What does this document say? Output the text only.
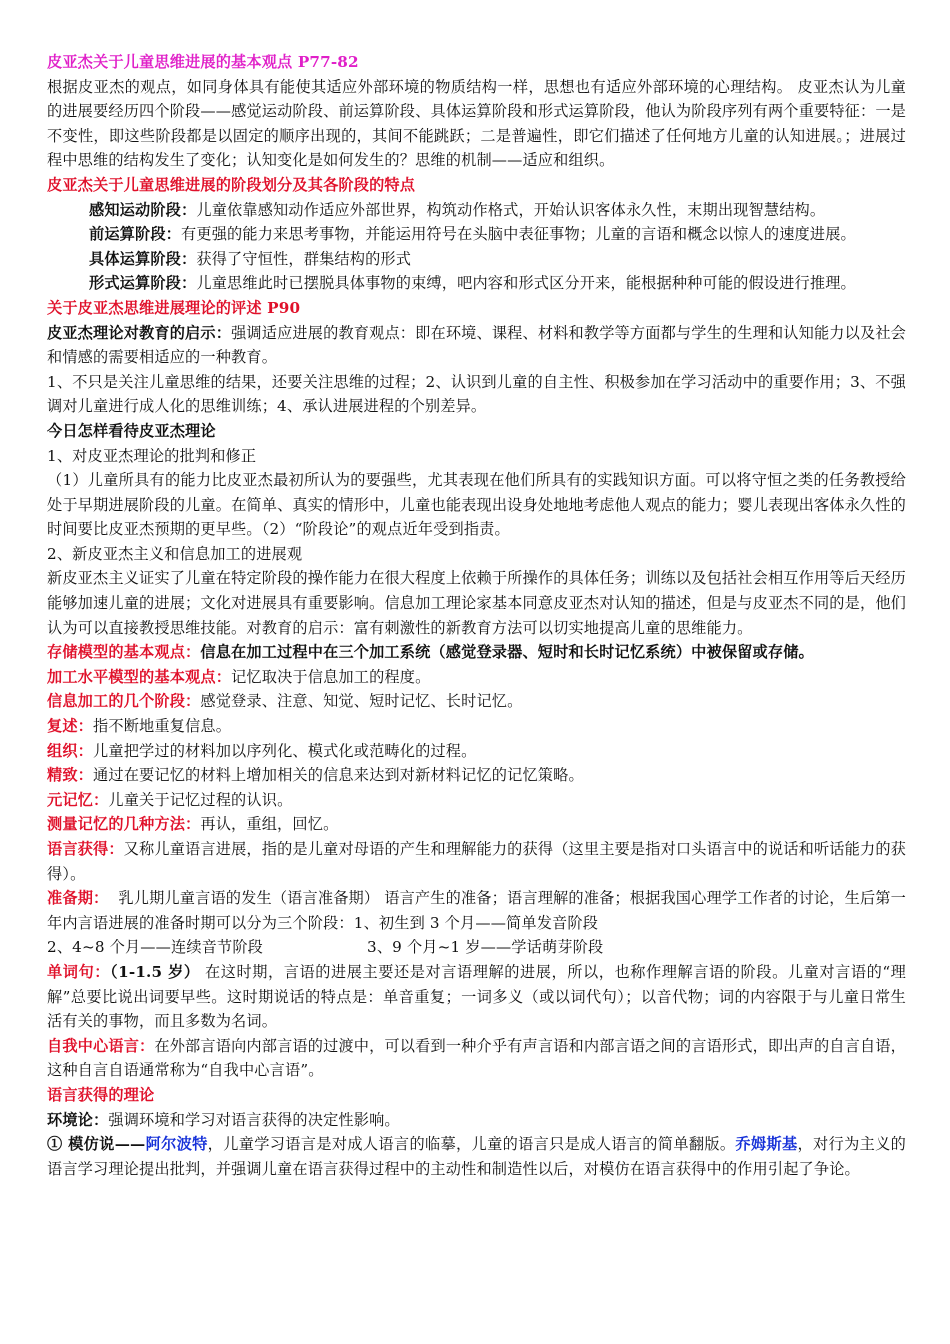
皮亚杰关于儿童思维进展的基本观点 P77-82

根据皮亚杰的观点，如同身体具有能使其适应外部环境的物质结构一样，思想也有适应外部环境的心理结构。 皮亚杰认为儿童的进展要经历四个阶段——感觉运动阶段、前运算阶段、具体运算阶段和形式运算阶段，他认为阶段序列有两个重要特征：一是不变性，即这些阶段都是以固定的顺序出现的，其间不能跳跃；二是普遍性，即它们描述了任何地方儿童的认知进展。；进展过程中思维的结构发生了变化；认知变化是如何发生的？思维的机制——适应和组织。

皮亚杰关于儿童思维进展的阶段划分及其各阶段的特点

感知运动阶段：儿童依靠感知动作适应外部世界，构筑动作格式，开始认识客体永久性，末期出现智慧结构。

前运算阶段：有更强的能力来思考事物，并能运用符号在头脑中表征事物；儿童的言语和概念以惊人的速度进展。

具体运算阶段：获得了守恒性，群集结构的形式

形式运算阶段：儿童思维此时已摆脱具体事物的束缚，吧内容和形式区分开来，能根据种种可能的假设进行推理。

关于皮亚杰思维进展理论的评述 P90

皮亚杰理论对教育的启示：强调适应进展的教育观点：即在环境、课程、材料和教学等方面都与学生的生理和认知能力以及社会和情感的需要相适应的一种教育。

1、不只是关注儿童思维的结果，还要关注思维的过程；2、认识到儿童的自主性、积极参加在学习活动中的重要作用；3、不强调对儿童进行成人化的思维训练；4、承认进展进程的个别差异。

今日怎样看待皮亚杰理论

1、对皮亚杰理论的批判和修正

（1）儿童所具有的能力比皮亚杰最初所认为的要强些，尤其表现在他们所具有的实践知识方面。可以将守恒之类的任务教授给处于早期进展阶段的儿童。在简单、真实的情形中，儿童也能表现出设身处地地考虑他人观点的能力；婴儿表现出客体永久性的时间要比皮亚杰预期的更早些。（2）“阶段论”的观点近年受到指责。

2、新皮亚杰主义和信息加工的进展观

新皮亚杰主义证实了儿童在特定阶段的操作能力在很大程度上依赖于所操作的具体任务；训练以及包括社会相互作用等后天经历能够加速儿童的进展；文化对进展具有重要影响。信息加工理论家基本同意皮亚杰对认知的描述，但是与皮亚杰不同的是，他们认为可以直接教授思维技能。对教育的启示：富有刺激性的新教育方法可以切实地提高儿童的思维能力。

存储模型的基本观点：信息在加工过程中在三个加工系统（感觉登录器、短时和长时记忆系统）中被保留或存储。

加工水平模型的基本观点：记忆取决于信息加工的程度。

信息加工的几个阶段：感觉登录、注意、知觉、短时记忆、长时记忆。

复述：指不断地重复信息。

组织：儿童把学过的材料加以序列化、模式化或范畴化的过程。

精致：通过在要记忆的材料上增加相关的信息来达到对新材料记忆的记忆策略。

元记忆：儿童关于记忆过程的认识。

测量记忆的几种方法：再认，重组，回忆。

语言获得：又称儿童语言进展，指的是儿童对母语的产生和理解能力的获得（这里主要是指对口头语言中的说话和听话能力的获得）。

准备期： 乳儿期儿童言语的发生（语言准备期） 语言产生的准备；语言理解的准备；根据我国心理学工作者的讨论，生后第一年内言语进展的准备时期可以分为三个阶段：1、初生到 3 个月——简单发音阶段

2、4~8 个月——连续音节阶段	3、9 个月~1 岁——学话萌芽阶段

单词句：（1-1.5 岁） 在这时期，言语的进展主要还是对言语理解的进展，所以，也称作理解言语的阶段。儿童对言语的“理解”总要比说出词要早些。这时期说话的特点是：单音重复；一词多义（或以词代句）；以音代物；词的内容限于与儿童日常生活有关的事物，而且多数为名词。

自我中心语言：在外部言语向内部言语的过渡中，可以看到一种介乎有声言语和内部言语之间的言语形式，即出声的自言自语，这种自言自语通常称为“自我中心言语”。

语言获得的理论

环境论：强调环境和学习对语言获得的决定性影响。

① 模仿说——阿尔波特，儿童学习语言是对成人语言的临摹，儿童的语言只是成人语言的简单翻版。乔姆斯基，对行为主义的语言学习理论提出批判，并强调儿童在语言获得过程中的主动性和制造性以后，对模仿在语言获得中的作用引起了争论。
